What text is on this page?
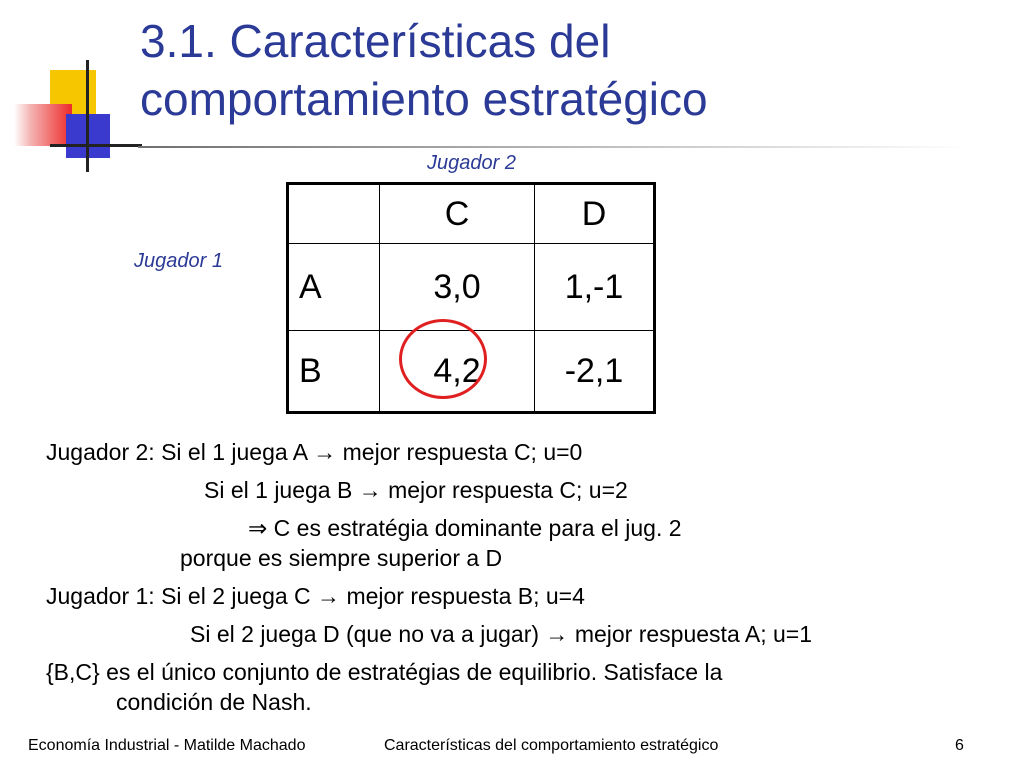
3.1. Características del
comportamiento estratégico
Jugador 2
Jugador 1
	C	D
A	3,0	1,-1
B	4,2	-2,1
Jugador 2: Si el 1 juega A → mejor respuesta C; u=0
Si el 1 juega B → mejor respuesta C; u=2
⇒ C es estratégia dominante para el jug. 2
porque es siempre superior a D
Jugador 1: Si el 2 juega C → mejor respuesta B; u=4
Si el 2 juega D (que no va a jugar) → mejor respuesta A; u=1
{B,C} es el único conjunto de estratégias de equilibrio. Satisface la
condición de Nash.
Economía Industrial - Matilde Machado	Características del comportamiento estratégico	6
